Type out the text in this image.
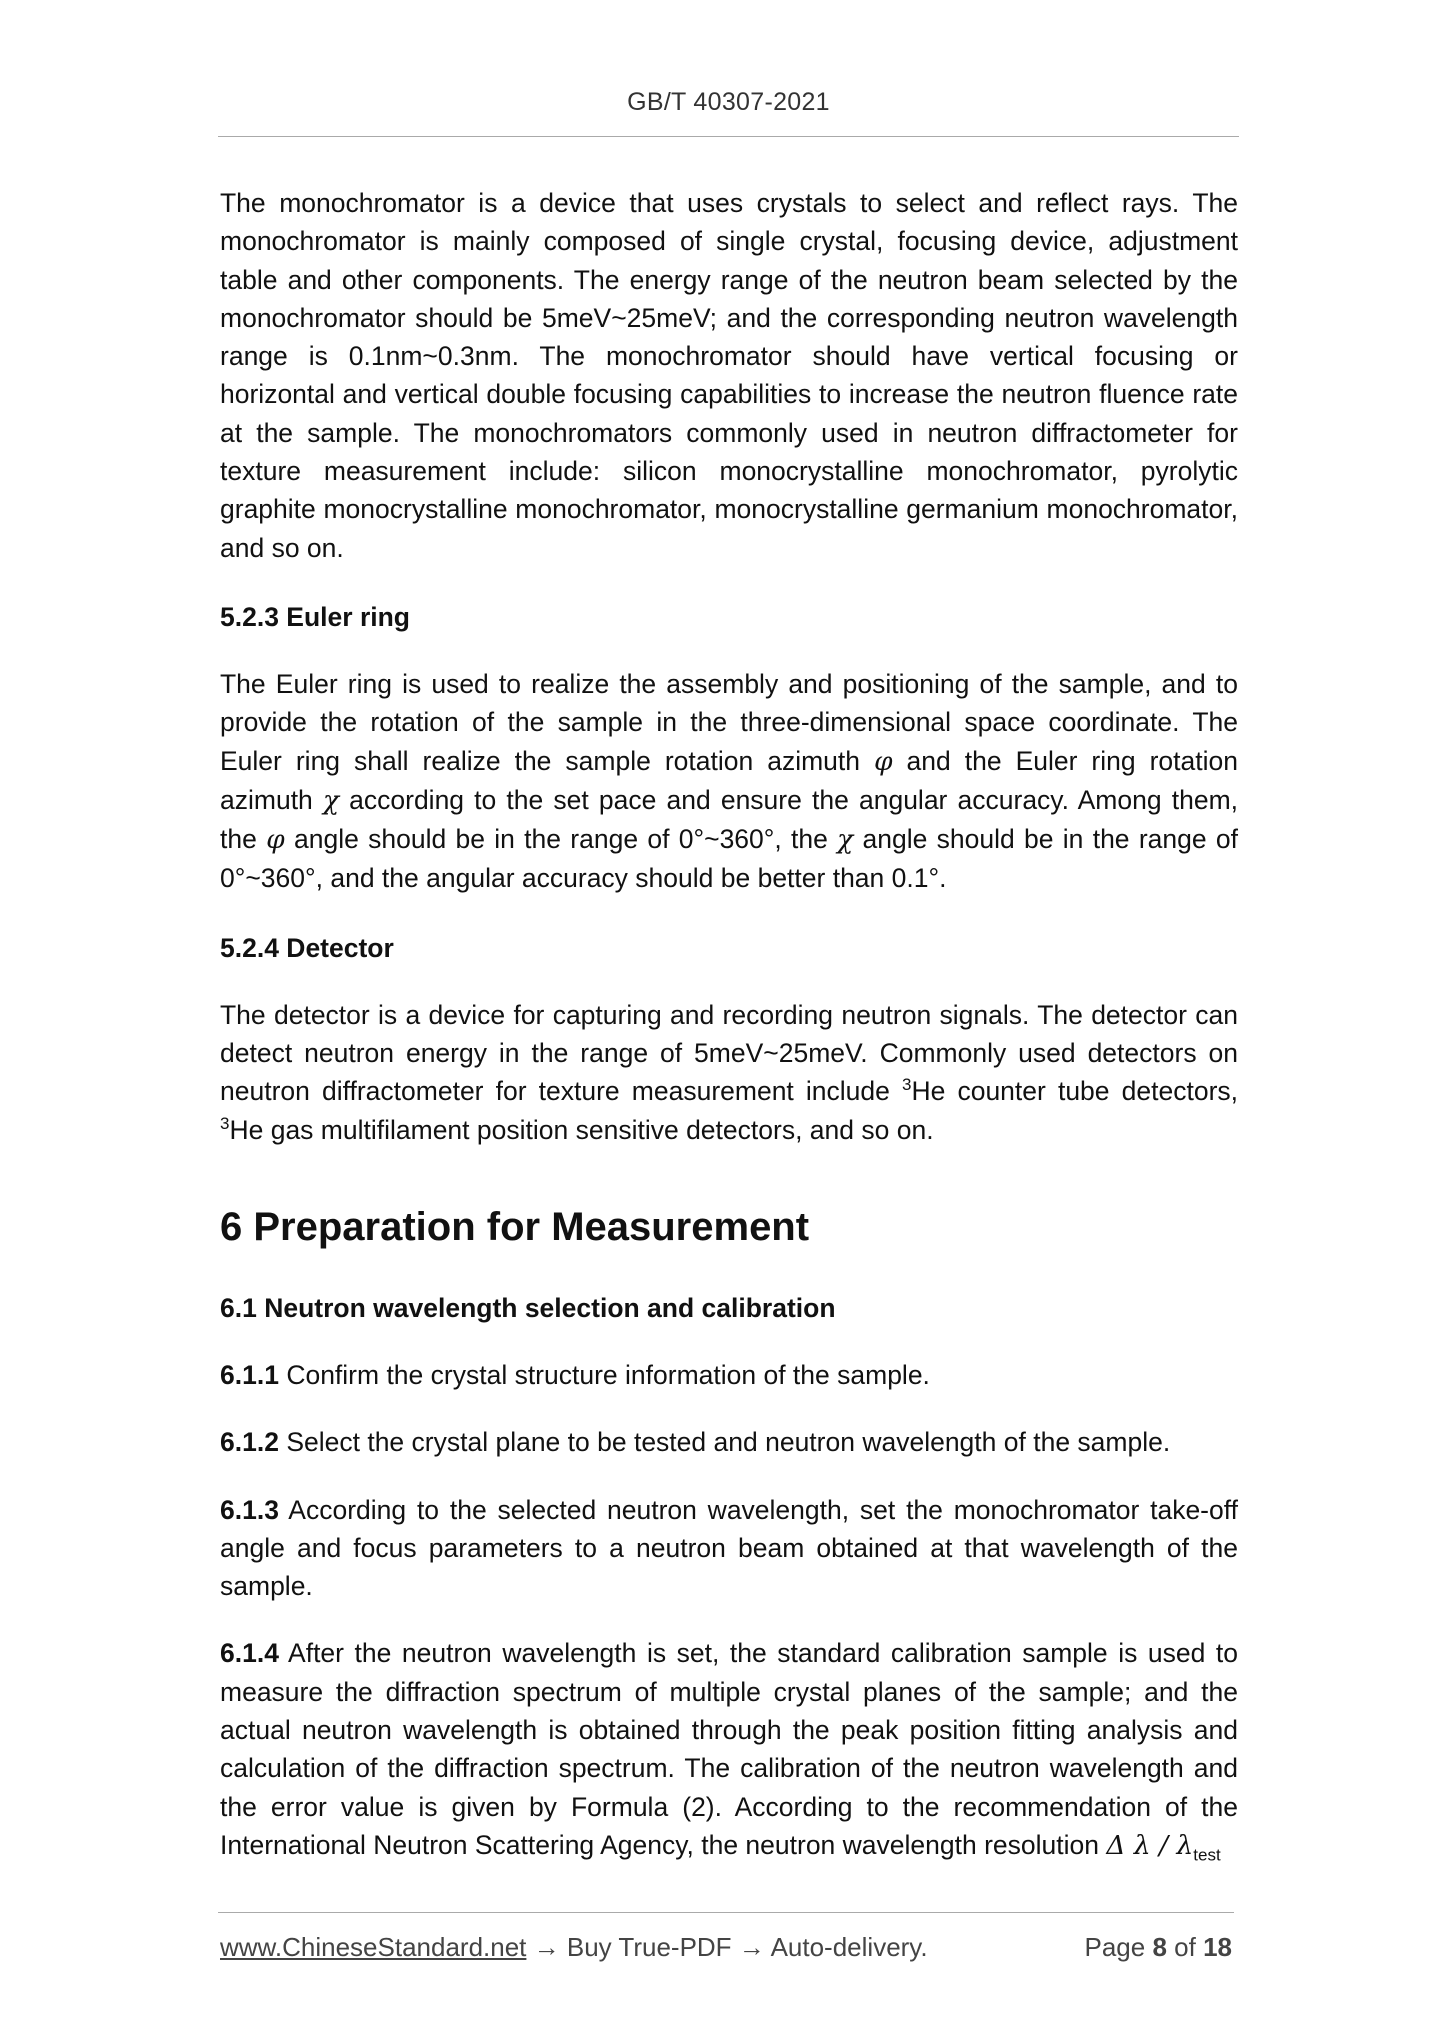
GB/T 40307-2021

The monochromator is a device that uses crystals to select and reflect rays. The monochromator is mainly composed of single crystal, focusing device, adjustment table and other components. The energy range of the neutron beam selected by the monochromator should be 5meV~25meV; and the corresponding neutron wavelength range is 0.1nm~0.3nm. The monochromator should have vertical focusing or horizontal and vertical double focusing capabilities to increase the neutron fluence rate at the sample. The monochromators commonly used in neutron diffractometer for texture measurement include: silicon monocrystalline monochromator, pyrolytic graphite monocrystalline monochromator, monocrystalline germanium monochromator, and so on.

5.2.3 Euler ring

The Euler ring is used to realize the assembly and positioning of the sample, and to provide the rotation of the sample in the three-dimensional space coordinate. The Euler ring shall realize the sample rotation azimuth φ and the Euler ring rotation azimuth χ according to the set pace and ensure the angular accuracy. Among them, the φ angle should be in the range of 0°~360°, the χ angle should be in the range of 0°~360°, and the angular accuracy should be better than 0.1°.

5.2.4 Detector

The detector is a device for capturing and recording neutron signals. The detector can detect neutron energy in the range of 5meV~25meV. Commonly used detectors on neutron diffractometer for texture measurement include $^3$He counter tube detectors, $^3$He gas multifilament position sensitive detectors, and so on.

6 Preparation for Measurement
6.1 Neutron wavelength selection and calibration

6.1.1 Confirm the crystal structure information of the sample.

6.1.2 Select the crystal plane to be tested and neutron wavelength of the sample.

6.1.3 According to the selected neutron wavelength, set the monochromator take-off angle and focus parameters to a neutron beam obtained at that wavelength of the sample.

6.1.4 After the neutron wavelength is set, the standard calibration sample is used to measure the diffraction spectrum of multiple crystal planes of the sample; and the actual neutron wavelength is obtained through the peak position fitting analysis and calculation of the diffraction spectrum. The calibration of the neutron wavelength and the error value is given by Formula (2). According to the recommendation of the International Neutron Scattering Agency, the neutron wavelength resolution Δ λ / $\lambda_{test}$

www.ChineseStandard.net → Buy True-PDF → Auto-delivery.	Page 8 of 18
